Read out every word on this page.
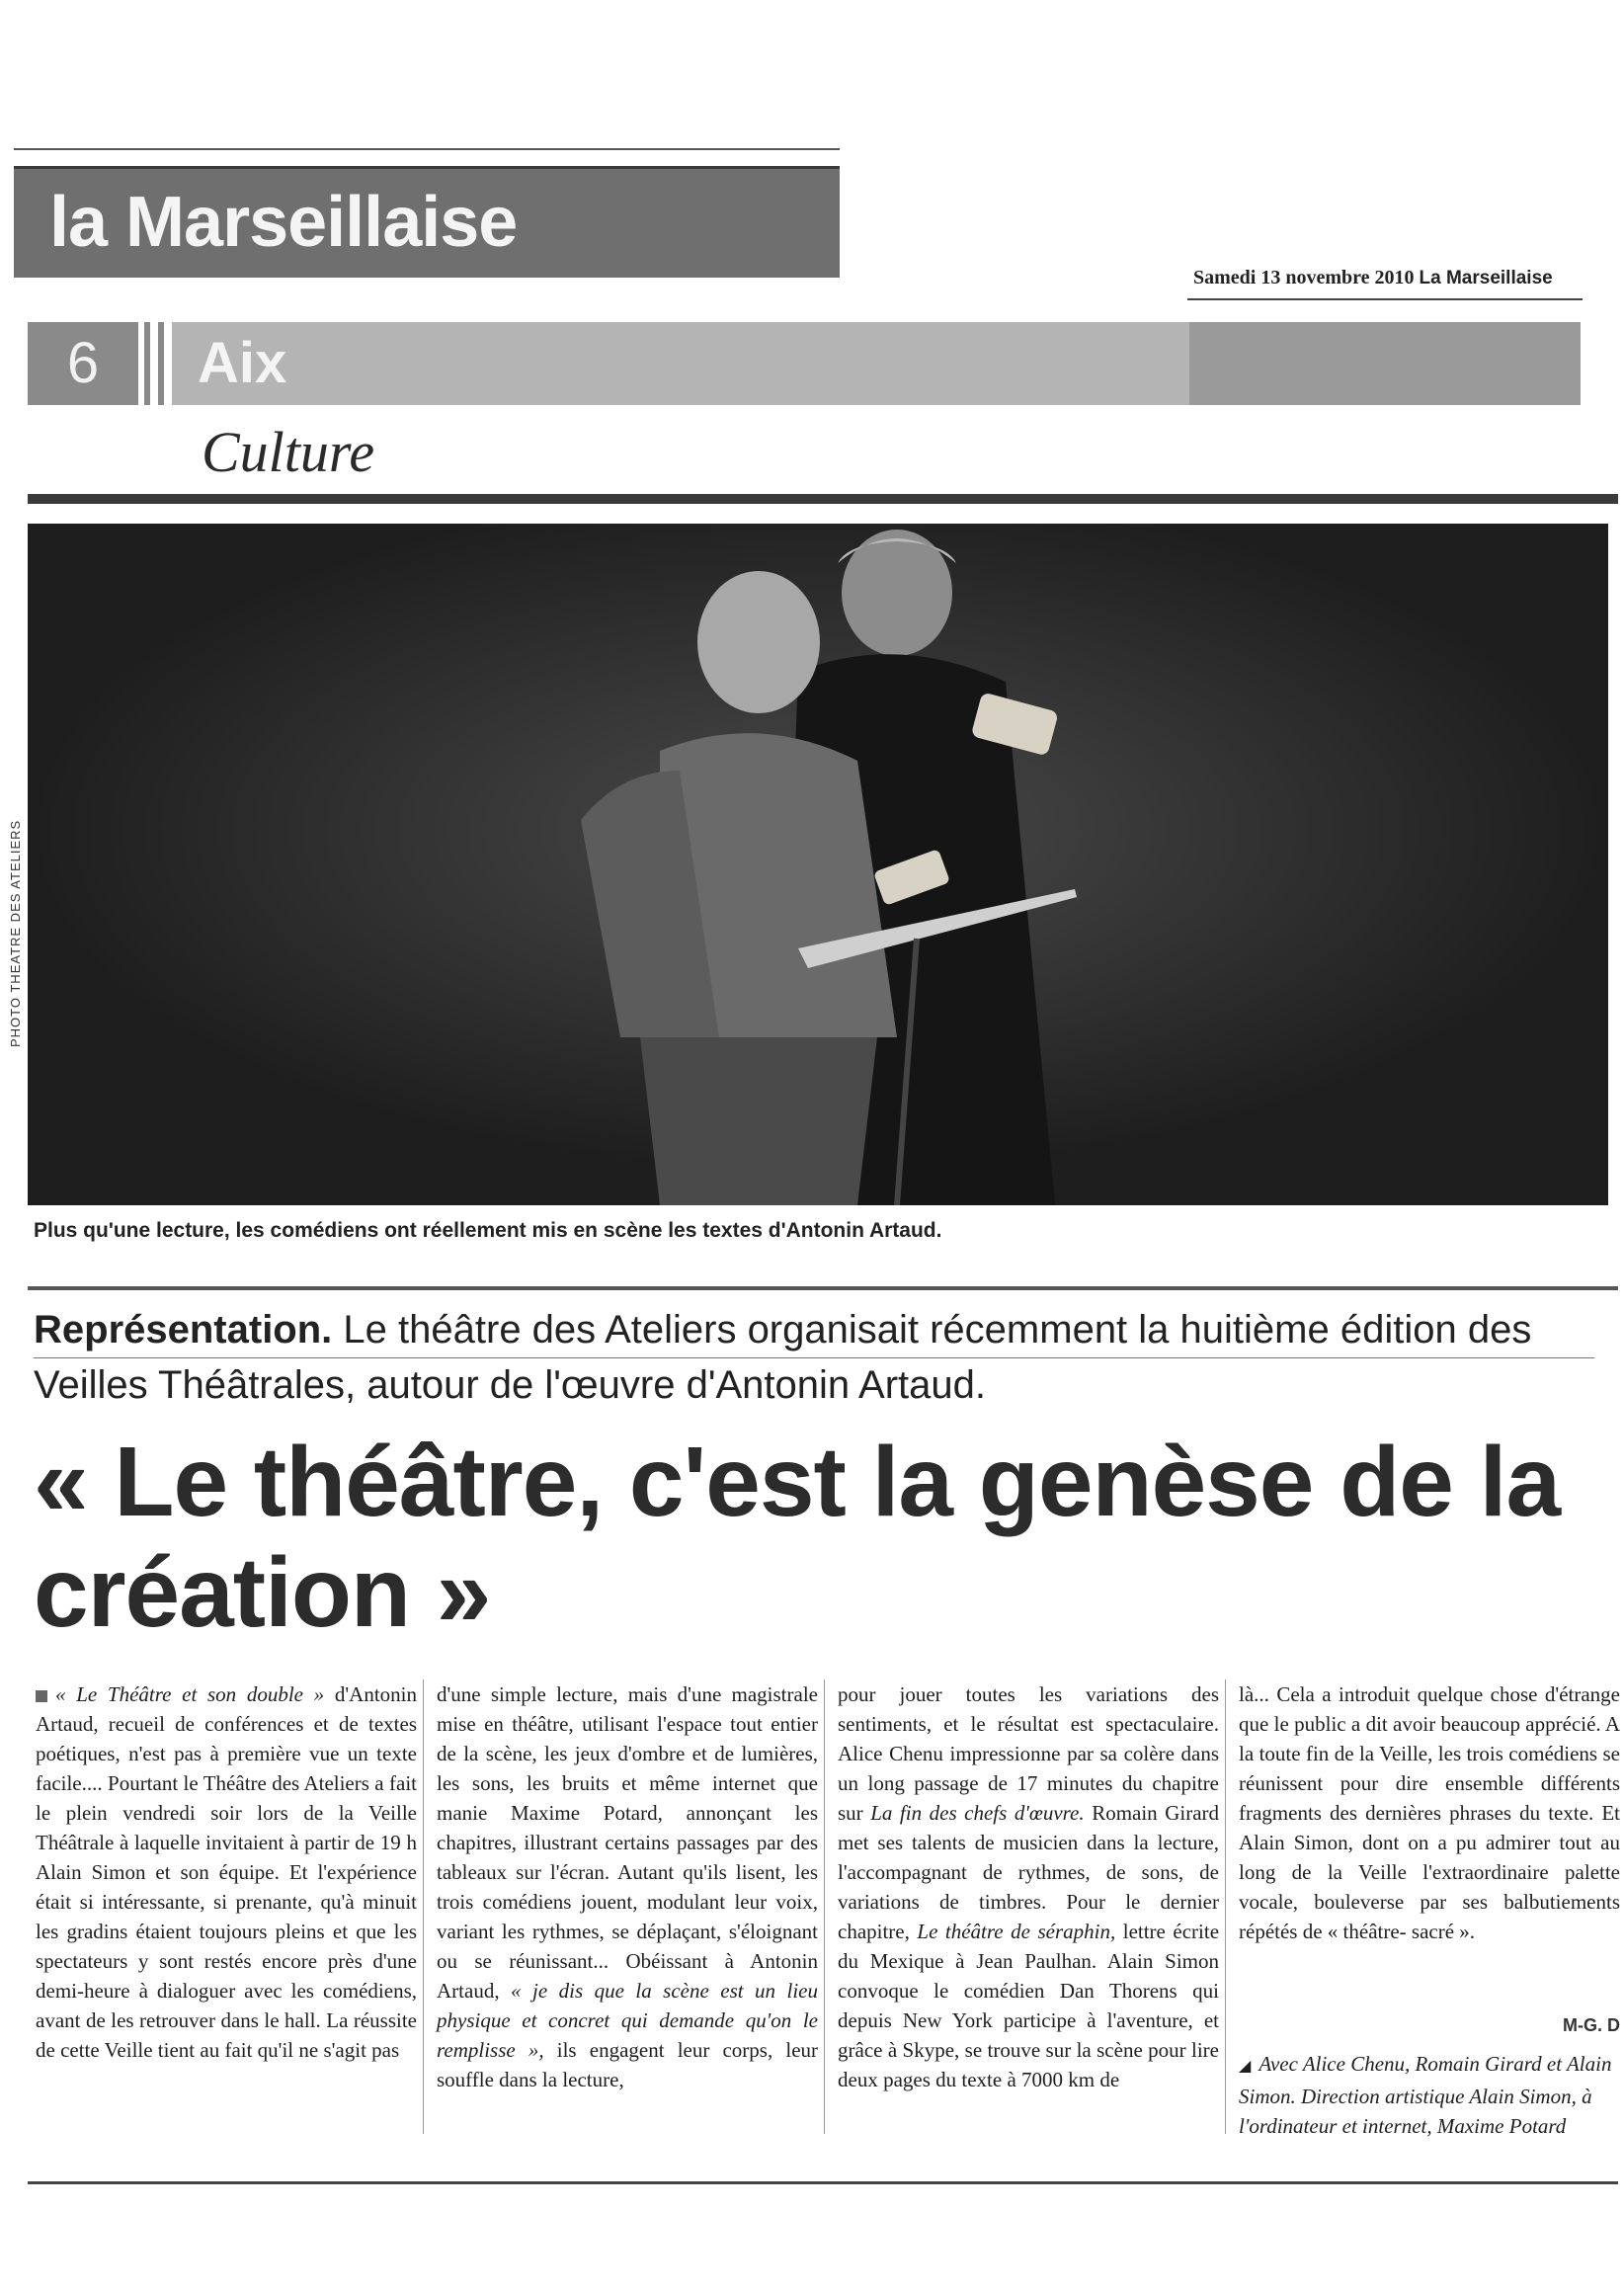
la Marseillaise
Samedi 13 novembre 2010 La Marseillaise
6	Aix
Culture
PHOTO THEATRE DES ATELIERS
Plus qu'une lecture, les comédiens ont réellement mis en scène les textes d'Antonin Artaud.
Représentation. Le théâtre des Ateliers organisait récemment la huitième édition des Veilles Théâtrales, autour de l'œuvre d'Antonin Artaud.
« Le théâtre, c'est la genèse de la création »
« Le Théâtre et son double » d'Antonin Artaud, recueil de conférences et de textes poétiques, n'est pas à première vue un texte facile.... Pourtant le Théâtre des Ateliers a fait le plein vendredi soir lors de la Veille Théâtrale à laquelle invitaient à partir de 19 h Alain Simon et son équipe. Et l'expérience était si intéressante, si prenante, qu'à minuit les gradins étaient toujours pleins et que les spectateurs y sont restés encore près d'une demi-heure à dialoguer avec les comédiens, avant de les retrouver dans le hall. La réussite de cette Veille tient au fait qu'il ne s'agit pas
d'une simple lecture, mais d'une magistrale mise en théâtre, utilisant l'espace tout entier de la scène, les jeux d'ombre et de lumières, les sons, les bruits et même internet que manie Maxime Potard, annonçant les chapitres, illustrant certains passages par des tableaux sur l'écran. Autant qu'ils lisent, les trois comédiens jouent, modulant leur voix, variant les rythmes, se déplaçant, s'éloignant ou se réunissant... Obéissant à Antonin Artaud, « je dis que la scène est un lieu physique et concret qui demande qu'on le remplisse », ils engagent leur corps, leur souffle dans la lecture,
pour jouer toutes les variations des sentiments, et le résultat est spectaculaire. Alice Chenu impressionne par sa colère dans un long passage de 17 minutes du chapitre sur La fin des chefs d'œuvre. Romain Girard met ses talents de musicien dans la lecture, l'accompagnant de rythmes, de sons, de variations de timbres. Pour le dernier chapitre, Le théâtre de séraphin, lettre écrite du Mexique à Jean Paulhan. Alain Simon convoque le comédien Dan Thorens qui depuis New York participe à l'aventure, et grâce à Skype, se trouve sur la scène pour lire deux pages du texte à 7000 km de
là... Cela a introduit quelque chose d'étrange que le public a dit avoir beaucoup apprécié. A la toute fin de la Veille, les trois comédiens se réunissent pour dire ensemble différents fragments des dernières phrases du texte. Et Alain Simon, dont on a pu admirer tout au long de la Veille l'extraordinaire palette vocale, bouleverse par ses balbutiements répétés de « théâtre- sacré ».
M-G. D
◢ Avec Alice Chenu, Romain Girard et Alain Simon. Direction artistique Alain Simon, à l'ordinateur et internet, Maxime Potard
